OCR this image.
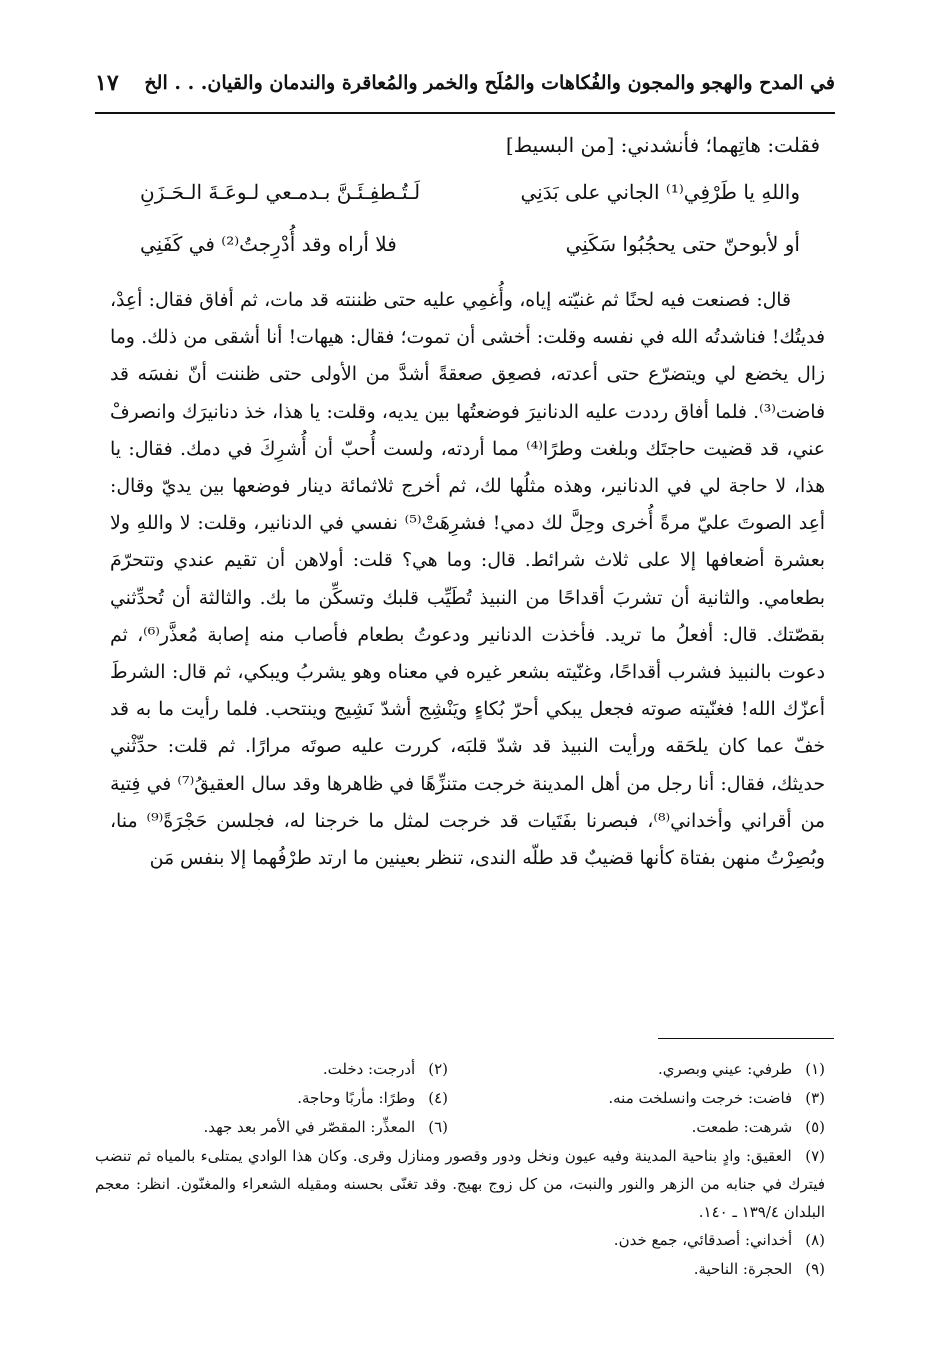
في المدح والهجو والمجون والفُكاهات والمُلَح والخمر والمُعاقرة والندمان والقيان. . . الخ
١٧
فقلت: هاتِهما؛ فأنشدني: [من البسيط]
واللهِ يا طَرْفِي⁽¹⁾ الجاني على بَدَنِي
لَـتُـطفِـئَـنَّ بـدمـعي لـوعَـةَ الـحَـزَنِ
أو لأبوحنّ حتى يحجُبُوا سَكَنِي
فلا أراه وقد أُدْرِجتُ⁽²⁾ في كَفَنِي

قال: فصنعت فيه لحنًا ثم غنيّته إياه، وأُغمِي عليه حتى ظننته قد مات، ثم أفاق فقال: أعِدْ، فديتُك! فناشدتُه الله في نفسه وقلت: أخشى أن تموت؛ فقال: هيهات! أنا أشقى من ذلك. وما زال يخضع لي ويتضرّع حتى أعدته، فصعِق صعقةً أشدَّ من الأولى حتى ظننت أنّ نفسَه قد فاضت⁽³⁾. فلما أفاق رددت عليه الدنانيرَ فوضعتُها بين يديه، وقلت: يا هذا، خذ دنانيرَك وانصرفْ عني، قد قضيت حاجتَك وبلغت وطرًا⁽⁴⁾ مما أردته، ولست أُحبّ أن أُشرِكَ في دمك. فقال: يا هذا، لا حاجة لي في الدنانير، وهذه مثلُها لك، ثم أخرج ثلاثمائة دينار فوضعها بين يديّ وقال: أعِد الصوتَ عليّ مرةً أُخرى وحِلَّ لك دمي! فشرِهَتْ⁽⁵⁾ نفسي في الدنانير، وقلت: لا واللهِ ولا بعشرة أضعافها إلا على ثلاث شرائط. قال: وما هي؟ قلت: أولاهن أن تقيم عندي وتتحرّمَ بطعامي. والثانية أن تشربَ أقداحًا من النبيذ تُطَيِّب قلبك وتسكِّن ما بك. والثالثة أن تُحدِّثني بقصّتك. قال: أفعلُ ما تريد. فأخذت الدنانير ودعوتُ بطعام فأصاب منه إصابة مُعذَّر⁽⁶⁾، ثم دعوت بالنبيذ فشرب أقداحًا، وغنّيته بشعر غيره في معناه وهو يشربُ ويبكي، ثم قال: الشرطَ أعزّك الله! فغنّيته صوته فجعل يبكي أحرّ بُكاءٍ ويَنْشِج أشدّ نَشِيج وينتحب. فلما رأيت ما به قد خفّ عما كان يلحَقه ورأيت النبيذ قد شدّ قلبَه، كررت عليه صوتَه مرارًا. ثم قلت: حدِّثْني حديثك، فقال: أنا رجل من أهل المدينة خرجت متنزِّهًا في ظاهرها وقد سال العقيقُ⁽⁷⁾ في فِتية من أقراني وأخداني⁽⁸⁾، فبصرنا بفَتَيات قد خرجت لمثل ما خرجنا له، فجلسن حَجْرَةً⁽⁹⁾ منا، وبُصِرْتُ منهن بفتاة كأنها قضيبٌ قد طلّه الندى، تنظر بعينين ما ارتد طرْفُهما إلا بنفس مَن

(١) طرفي: عيني وبصري.
(٢) أدرجت: دخلت.
(٣) فاضت: خرجت وانسلخت منه.
(٤) وطرًا: مأربًا وحاجة.
(٥) شرهت: طمعت.
(٦) المعذِّر: المقصّر في الأمر بعد جهد.
(٧) العقيق: وادٍ بناحية المدينة وفيه عيون ونخل ودور وقصور ومنازل وقرى. وكان هذا الوادي يمتلىء بالمياه ثم تنضب فيترك في جنابه من الزهر والنور والنبت، من كل زوج بهيج. وقد تغنّى بحسنه ومقيله الشعراء والمغنّون. انظر: معجم البلدان ١٣٩/٤ ـ ١٤٠.
(٨) أخداني: أصدقائي، جمع خدن.
(٩) الحجرة: الناحية.
